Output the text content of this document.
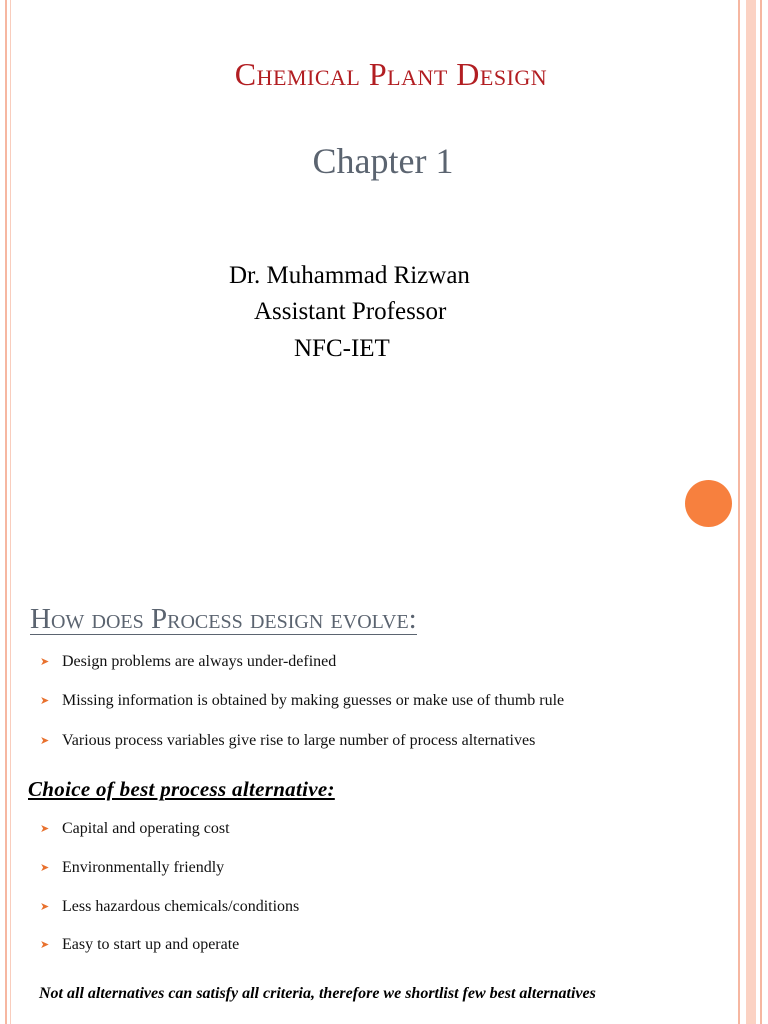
Chemical Plant Design
Chapter 1
Dr. Muhammad Rizwan
Assistant Professor
NFC-IET
How does Process design evolve:
➤ Design problems are always under-defined
➤ Missing information is obtained by making guesses or make use of thumb rule
➤ Various process variables give rise to large number of process alternatives
Choice of best process alternative:
➤ Capital and operating cost
➤ Environmentally friendly
➤ Less hazardous chemicals/conditions
➤ Easy to start up and operate
Not all alternatives can satisfy all criteria, therefore we shortlist few best alternatives
